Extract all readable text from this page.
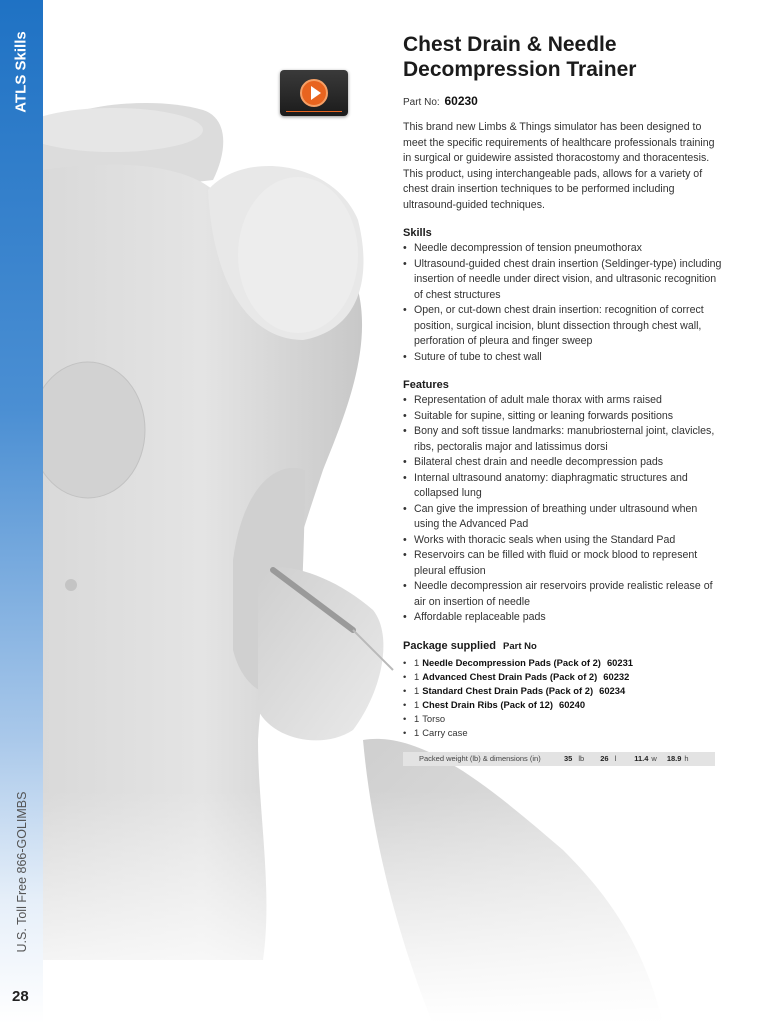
ATLS Skills
U.S. Toll Free 866-GOLIMBS
28
Chest Drain & Needle
Decompression Trainer
Part No: 60230
This brand new Limbs & Things simulator has been designed to meet the specific requirements of healthcare professionals training in surgical or guidewire assisted thoracostomy and thoracentesis. This product, using interchangeable pads, allows for a variety of chest drain insertion techniques to be performed including ultrasound-guided techniques.
Skills
• Needle decompression of tension pneumothorax
• Ultrasound-guided chest drain insertion (Seldinger-type) including insertion of needle under direct vision, and ultrasonic recognition of chest structures
• Open, or cut-down chest drain insertion: recognition of correct position, surgical incision, blunt dissection through chest wall, perforation of pleura and finger sweep
• Suture of tube to chest wall
Features
• Representation of adult male thorax with arms raised
• Suitable for supine, sitting or leaning forwards positions
• Bony and soft tissue landmarks: manubriosternal joint, clavicles, ribs, pectoralis major and latissimus dorsi
• Bilateral chest drain and needle decompression pads
• Internal ultrasound anatomy: diaphragmatic structures and collapsed lung
• Can give the impression of breathing under ultrasound when using the Advanced Pad
• Works with thoracic seals when using the Standard Pad
• Reservoirs can be filled with fluid or mock blood to represent pleural effusion
• Needle decompression air reservoirs provide realistic release of air on insertion of needle
• Affordable replaceable pads
Package supplied Part No
• 1 Needle Decompression Pads (Pack of 2) 60231
• 1 Advanced Chest Drain Pads (Pack of 2) 60232
• 1 Standard Chest Drain Pads (Pack of 2) 60234
• 1 Chest Drain Ribs (Pack of 12) 60240
• 1 Torso
• 1 Carry case
Packed weight (lb) & dimensions (in)	35 lb 26 l 11.4 w 18.9 h
